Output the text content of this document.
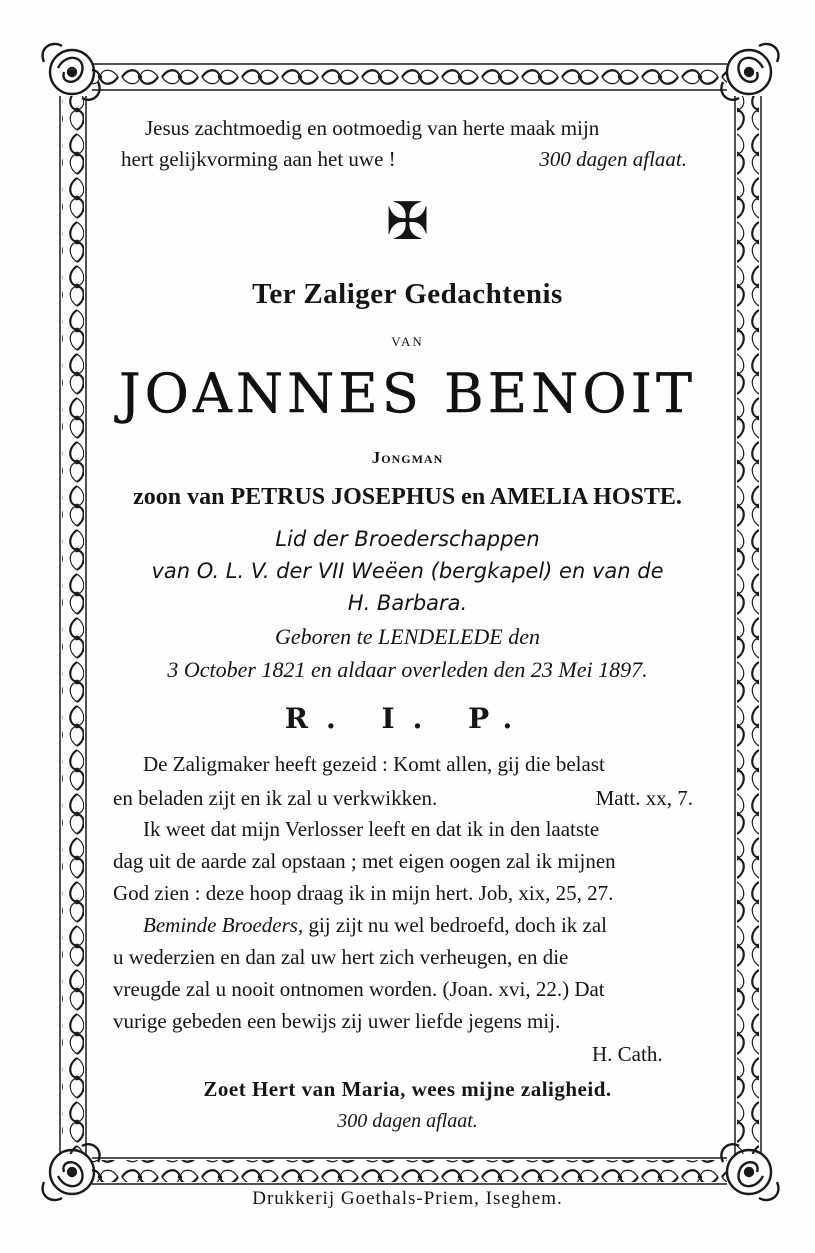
Jesus zachtmoedig en ootmoedig van herte maak mijn
hert gelijkvorming aan het uwe !	300 dagen aflaat.
✠
Ter Zaliger Gedachtenis
VAN
JOANNES BENOIT
Jongman
zoon van PETRUS JOSEPHUS en AMELIA HOSTE.
Lid der Broederschappen
van O. L. V. der VII Weëen (bergkapel) en van de
H. Barbara.
Geboren te LENDELEDE den
3 October 1821 en aldaar overleden den 23 Mei 1897.
R. I. P.
De Zaligmaker heeft gezeid : Komt allen, gij die belast
en beladen zijt en ik zal u verkwikken.	Matt. xx, 7.
Ik weet dat mijn Verlosser leeft en dat ik in den laatste
dag uit de aarde zal opstaan ; met eigen oogen zal ik mijnen
God zien : deze hoop draag ik in mijn hert. Job, xix, 25, 27.
Beminde Broeders, gij zijt nu wel bedroefd, doch ik zal
u wederzien en dan zal uw hert zich verheugen, en die
vreugde zal u nooit ontnomen worden. (Joan. xvi, 22.) Dat
vurige gebeden een bewijs zij uwer liefde jegens mij.
H. Cath.
Zoet Hert van Maria, wees mijne zaligheid.
300 dagen aflaat.
Drukkerij Goethals-Priem, Iseghem.
